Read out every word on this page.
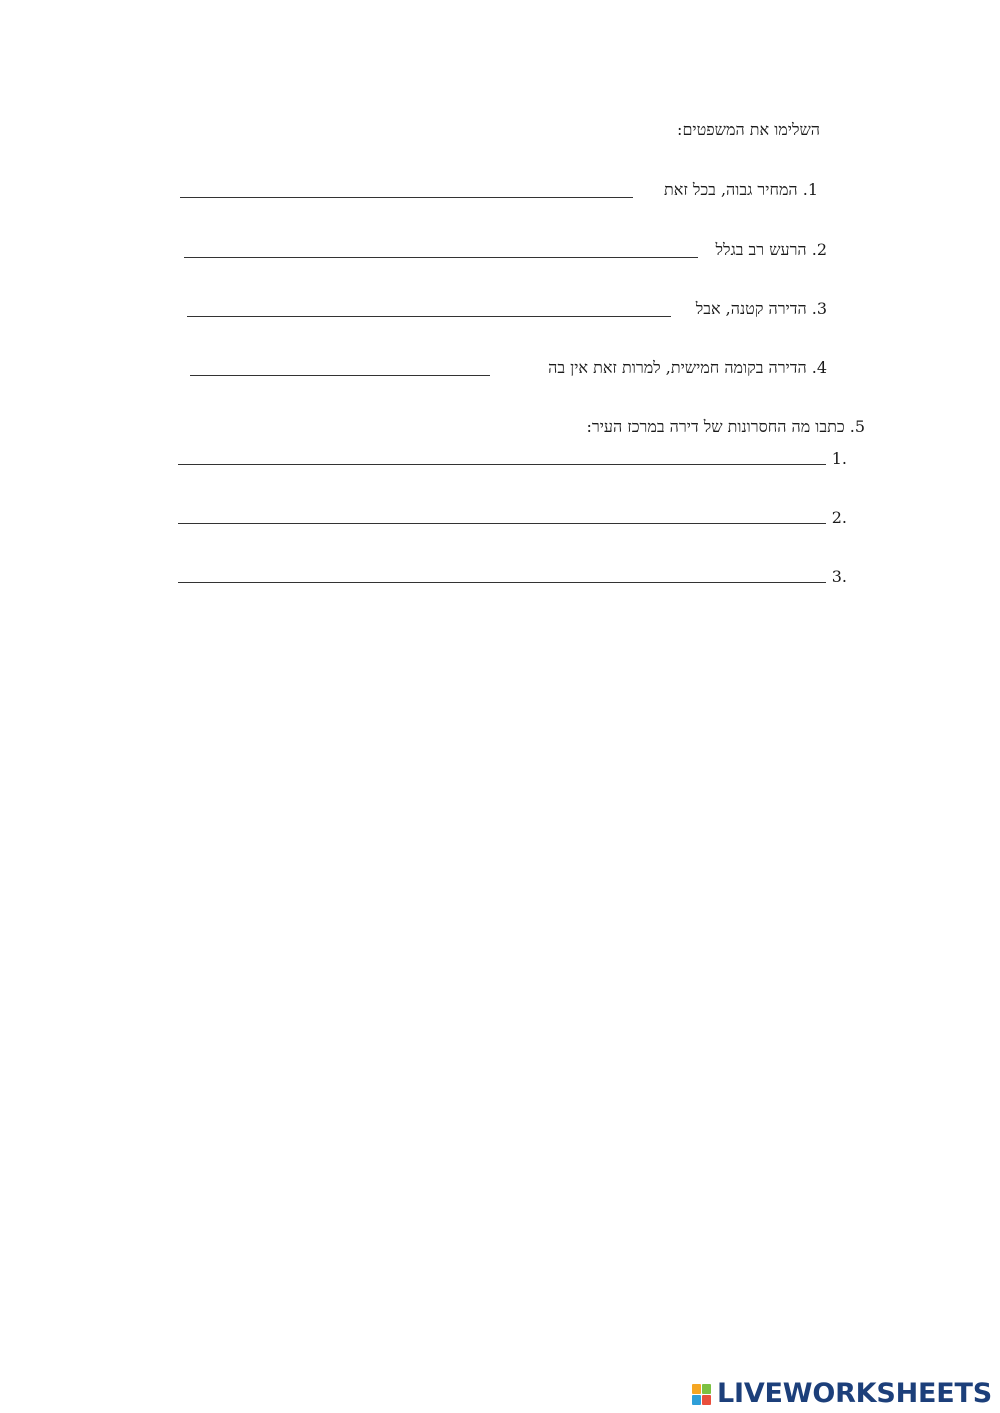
השלימו את המשפטים:
1. המחיר גבוה, בכל זאת
2. הרעש רב בגלל
3. הדירה קטנה, אבל
4. הדירה בקומה חמישית, למרות זאת אין בה
5. כתבו מה החסרונות של דירה במרכז העיר:
1.
2.
3.
LIVEWORKSHEETS
